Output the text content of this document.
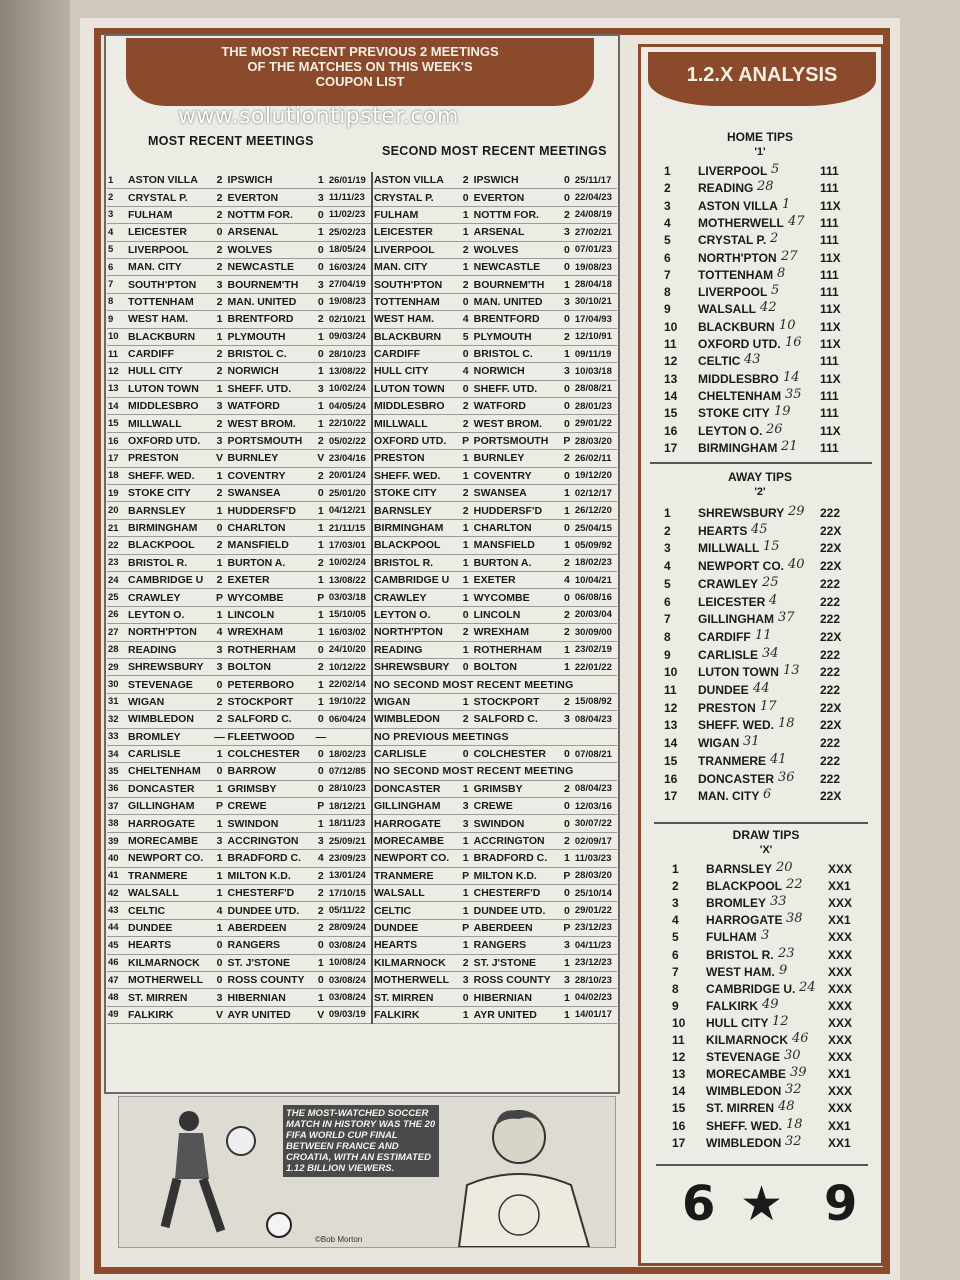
THE MOST RECENT PREVIOUS 2 MEETINGS
OF THE MATCHES ON THIS WEEK'S
COUPON LIST
www.solutiontipster.com
MOST RECENT MEETINGS
SECOND MOST RECENT MEETINGS
1	ASTON VILLA	2	IPSWICH	1	26/01/19	ASTON VILLA	2	IPSWICH	0	25/11/17
2	CRYSTAL P.	2	EVERTON	3	11/11/23	CRYSTAL P.	0	EVERTON	0	22/04/23
3	FULHAM	2	NOTTM FOR.	0	11/02/23	FULHAM	1	NOTTM FOR.	2	24/08/19
4	LEICESTER	0	ARSENAL	1	25/02/23	LEICESTER	1	ARSENAL	3	27/02/21
5	LIVERPOOL	2	WOLVES	0	18/05/24	LIVERPOOL	2	WOLVES	0	07/01/23
6	MAN. CITY	2	NEWCASTLE	0	16/03/24	MAN. CITY	1	NEWCASTLE	0	19/08/23
7	SOUTH'PTON	3	BOURNEM'TH	3	27/04/19	SOUTH'PTON	2	BOURNEM'TH	1	28/04/18
8	TOTTENHAM	2	MAN. UNITED	0	19/08/23	TOTTENHAM	0	MAN. UNITED	3	30/10/21
9	WEST HAM.	1	BRENTFORD	2	02/10/21	WEST HAM.	4	BRENTFORD	0	17/04/93
10	BLACKBURN	1	PLYMOUTH	1	09/03/24	BLACKBURN	5	PLYMOUTH	2	12/10/91
11	CARDIFF	2	BRISTOL C.	0	28/10/23	CARDIFF	0	BRISTOL C.	1	09/11/19
12	HULL CITY	2	NORWICH	1	13/08/22	HULL CITY	4	NORWICH	3	10/03/18
13	LUTON TOWN	1	SHEFF. UTD.	3	10/02/24	LUTON TOWN	0	SHEFF. UTD.	0	28/08/21
14	MIDDLESBRO	3	WATFORD	1	04/05/24	MIDDLESBRO	2	WATFORD	0	28/01/23
15	MILLWALL	2	WEST BROM.	1	22/10/22	MILLWALL	2	WEST BROM.	0	29/01/22
16	OXFORD UTD.	3	PORTSMOUTH	2	05/02/22	OXFORD UTD.	P	PORTSMOUTH	P	28/03/20
17	PRESTON	V	BURNLEY	V	23/04/16	PRESTON	1	BURNLEY	2	26/02/11
18	SHEFF. WED.	1	COVENTRY	2	20/01/24	SHEFF. WED.	1	COVENTRY	0	19/12/20
19	STOKE CITY	2	SWANSEA	0	25/01/20	STOKE CITY	2	SWANSEA	1	02/12/17
20	BARNSLEY	1	HUDDERSF'D	1	04/12/21	BARNSLEY	2	HUDDERSF'D	1	26/12/20
21	BIRMINGHAM	0	CHARLTON	1	21/11/15	BIRMINGHAM	1	CHARLTON	0	25/04/15
22	BLACKPOOL	2	MANSFIELD	1	17/03/01	BLACKPOOL	1	MANSFIELD	1	05/09/92
23	BRISTOL R.	1	BURTON A.	2	10/02/24	BRISTOL R.	1	BURTON A.	2	18/02/23
24	CAMBRIDGE U	2	EXETER	1	13/08/22	CAMBRIDGE U	1	EXETER	4	10/04/21
25	CRAWLEY	P	WYCOMBE	P	03/03/18	CRAWLEY	1	WYCOMBE	0	06/08/16
26	LEYTON O.	1	LINCOLN	1	15/10/05	LEYTON O.	0	LINCOLN	2	20/03/04
27	NORTH'PTON	4	WREXHAM	1	16/03/02	NORTH'PTON	2	WREXHAM	2	30/09/00
28	READING	3	ROTHERHAM	0	24/10/20	READING	1	ROTHERHAM	1	23/02/19
29	SHREWSBURY	3	BOLTON	2	10/12/22	SHREWSBURY	0	BOLTON	1	22/01/22
30	STEVENAGE	0	PETERBORO	1	22/02/14	NO SECOND MOST RECENT MEETING				
31	WIGAN	2	STOCKPORT	1	19/10/22	WIGAN	1	STOCKPORT	2	15/08/92
32	WIMBLEDON	2	SALFORD C.	0	06/04/24	WIMBLEDON	2	SALFORD C.	3	08/04/23
33	BROMLEY	—	FLEETWOOD	—		NO PREVIOUS MEETINGS				
34	CARLISLE	1	COLCHESTER	0	18/02/23	CARLISLE	0	COLCHESTER	0	07/08/21
35	CHELTENHAM	0	BARROW	0	07/12/85	NO SECOND MOST RECENT MEETING				
36	DONCASTER	1	GRIMSBY	0	28/10/23	DONCASTER	1	GRIMSBY	2	08/04/23
37	GILLINGHAM	P	CREWE	P	18/12/21	GILLINGHAM	3	CREWE	0	12/03/16
38	HARROGATE	1	SWINDON	1	18/11/23	HARROGATE	3	SWINDON	0	30/07/22
39	MORECAMBE	3	ACCRINGTON	3	25/09/21	MORECAMBE	1	ACCRINGTON	2	02/09/17
40	NEWPORT CO.	1	BRADFORD C.	4	23/09/23	NEWPORT CO.	1	BRADFORD C.	1	11/03/23
41	TRANMERE	1	MILTON K.D.	2	13/01/24	TRANMERE	P	MILTON K.D.	P	28/03/20
42	WALSALL	1	CHESTERF'D	2	17/10/15	WALSALL	1	CHESTERF'D	0	25/10/14
43	CELTIC	4	DUNDEE UTD.	2	05/11/22	CELTIC	1	DUNDEE UTD.	0	29/01/22
44	DUNDEE	1	ABERDEEN	2	28/09/24	DUNDEE	P	ABERDEEN	P	23/12/23
45	HEARTS	0	RANGERS	0	03/08/24	HEARTS	1	RANGERS	3	04/11/23
46	KILMARNOCK	0	ST. J'STONE	1	10/08/24	KILMARNOCK	2	ST. J'STONE	1	23/12/23
47	MOTHERWELL	0	ROSS COUNTY	0	03/08/24	MOTHERWELL	3	ROSS COUNTY	3	28/10/23
48	ST. MIRREN	3	HIBERNIAN	1	03/08/24	ST. MIRREN	0	HIBERNIAN	1	04/02/23
49	FALKIRK	V	AYR UNITED	V	09/03/19	FALKIRK	1	AYR UNITED	1	14/01/17
THE MOST-WATCHED SOCCER MATCH IN HISTORY WAS THE 20 FIFA WORLD CUP FINAL BETWEEN FRANCE AND CROATIA, WITH AN ESTIMATED 1.12 BILLION VIEWERS.
©Bob Morton
1.2.X ANALYSIS
HOME TIPS
'1'
1	LIVERPOOL 5	111
2	READING 28	111
3	ASTON VILLA 1 11X
4	MOTHERWELL 47 111
5	CRYSTAL P. 2	111
6	NORTH'PTON 27 11X
7	TOTTENHAM 8	111
8	LIVERPOOL 5	111
9	WALSALL 42	11X
10	BLACKBURN 10 11X
11	OXFORD UTD. 16 11X
12	CELTIC 43	111
13	MIDDLESBRO 14 11X
14	CHELTENHAM 35 111
15	STOKE CITY 19 111
16	LEYTON O. 26	11X
17	BIRMINGHAM 21 111
AWAY TIPS
'2'
1	SHREWSBURY 29 222
2	HEARTS 45	22X
3	MILLWALL 15	22X
4	NEWPORT CO. 40 22X
5	CRAWLEY 25	222
6	LEICESTER 4	222
7	GILLINGHAM 37 222
8	CARDIFF 11	22X
9	CARLISLE 34	222
10	LUTON TOWN 13 222
11	DUNDEE 44	222
12	PRESTON 17	22X
13	SHEFF. WED. 18 22X
14	WIGAN 31	222
15	TRANMERE 41	222
16	DONCASTER 36 222
17	MAN. CITY 6	22X
DRAW TIPS
'X'
1	BARNSLEY 20	XXX
2	BLACKPOOL 22 XX1
3	BROMLEY 33	XXX
4	HARROGATE 38 XX1
5	FULHAM 3	XXX
6	BRISTOL R. 23	XXX
7	WEST HAM. 9	XXX
8	CAMBRIDGE U. 24 XXX
9	FALKIRK 49	XXX
10	HULL CITY 12	XXX
11	KILMARNOCK 46 XXX
12	STEVENAGE 30 XXX
13	MORECAMBE 39 XX1
14	WIMBLEDON 32 XXX
15	ST. MIRREN 48	XXX
16	SHEFF. WED. 18 XX1
17	WIMBLEDON 32 XX1
6 ★ 9
